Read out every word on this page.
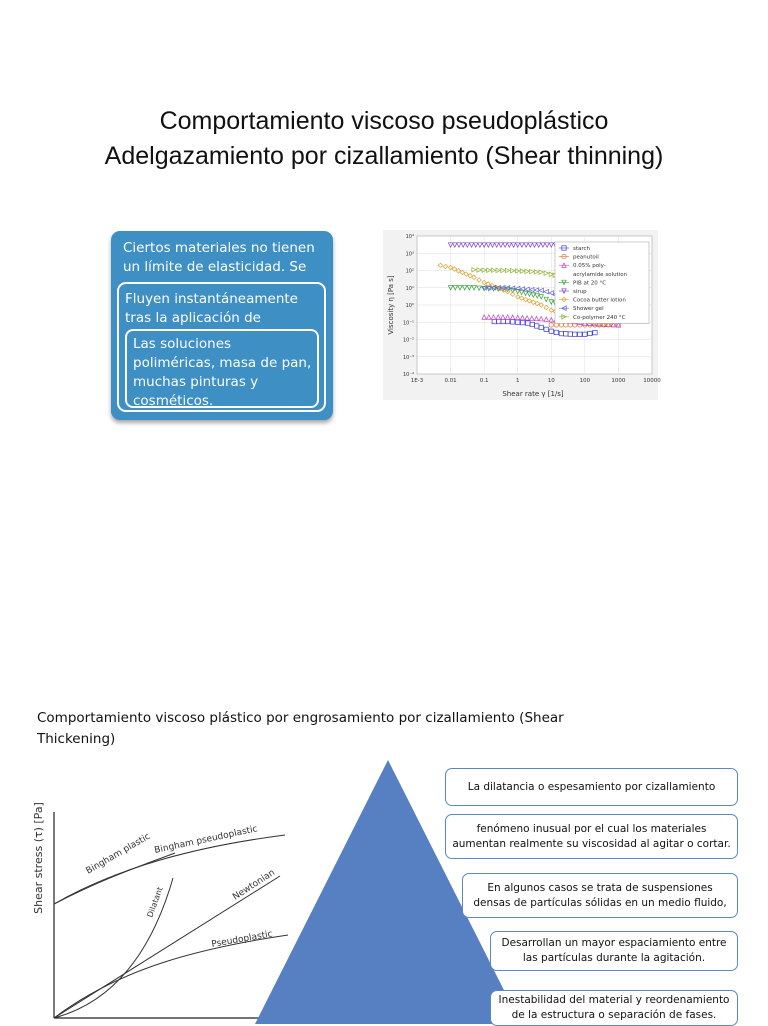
Comportamiento viscoso pseudoplástico
Adelgazamiento por cizallamiento (Shear thinning)
Ciertos materiales no tienen un límite de elasticidad. Se
Fluyen instantáneamente tras la aplicación de
Las soluciones poliméricas, masa de pan, muchas pinturas y cosméticos.
1E-3	0.01	0.1	1	10	100	1000	10000
10⁻⁴
10⁻³
10⁻²
10⁻¹
10⁰
10¹
10²
10³
10⁴
Shear rate γ [1/s]
Viscosity η [Pa s]
starch
peanutoil
0.05% poly-
acrylamide solution
PIB at 20 °C
sirup
Cocoa butter lotion
Shower gel
Co-polymer 240 °C
Comportamiento viscoso plástico por engrosamiento por cizallamiento (Shear Thickening)
Shear stress (τ) [Pa]	Bingham plastic Bingham pseudoplastic
Dilatant	Newtonian
Pseudoplastic
La dilatancia o espesamiento por cizallamiento
fenómeno inusual por el cual los materiales aumentan realmente su viscosidad al agitar o cortar.
En algunos casos se trata de suspensiones densas de partículas sólidas en un medio fluido,
Desarrollan un mayor espaciamiento entre las partículas durante la agitación.
Inestabilidad del material y reordenamiento de la estructura o separación de fases.
